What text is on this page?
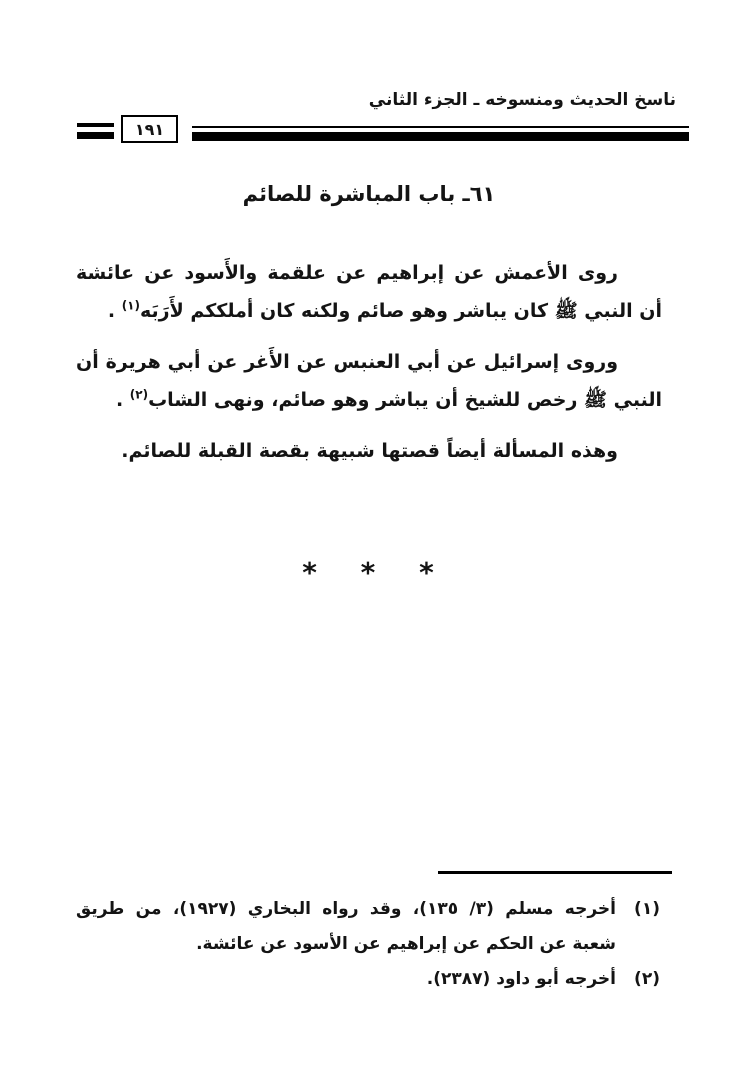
ناسخ الحديث ومنسوخه ـ الجزء الثاني
١٩١
٦١ـ باب المباشرة للصائم

روى الأعمش عن إبراهيم عن علقمة والأَسود عن عائشة أن النبي ﷺ كان يباشر وهو صائم ولكنه كان أملككم لأَرَبَه$^{(١)}$ .

وروى إسرائيل عن أبي العنبس عن الأَغر عن أبي هريرة أن النبي ﷺ رخص للشيخ أن يباشر وهو صائم، ونهى الشاب$^{(٢)}$ .

وهذه المسألة أيضاً قصتها شبيهة بقصة القبلة للصائم.

* * *
(١)
أخرجه مسلم (٣/ ١٣٥)، وقد رواه البخاري (١٩٢٧)، من طريق شعبة عن الحكم عن إبراهيم عن الأسود عن عائشة.
(٢)
أخرجه أبو داود (٢٣٨٧).
